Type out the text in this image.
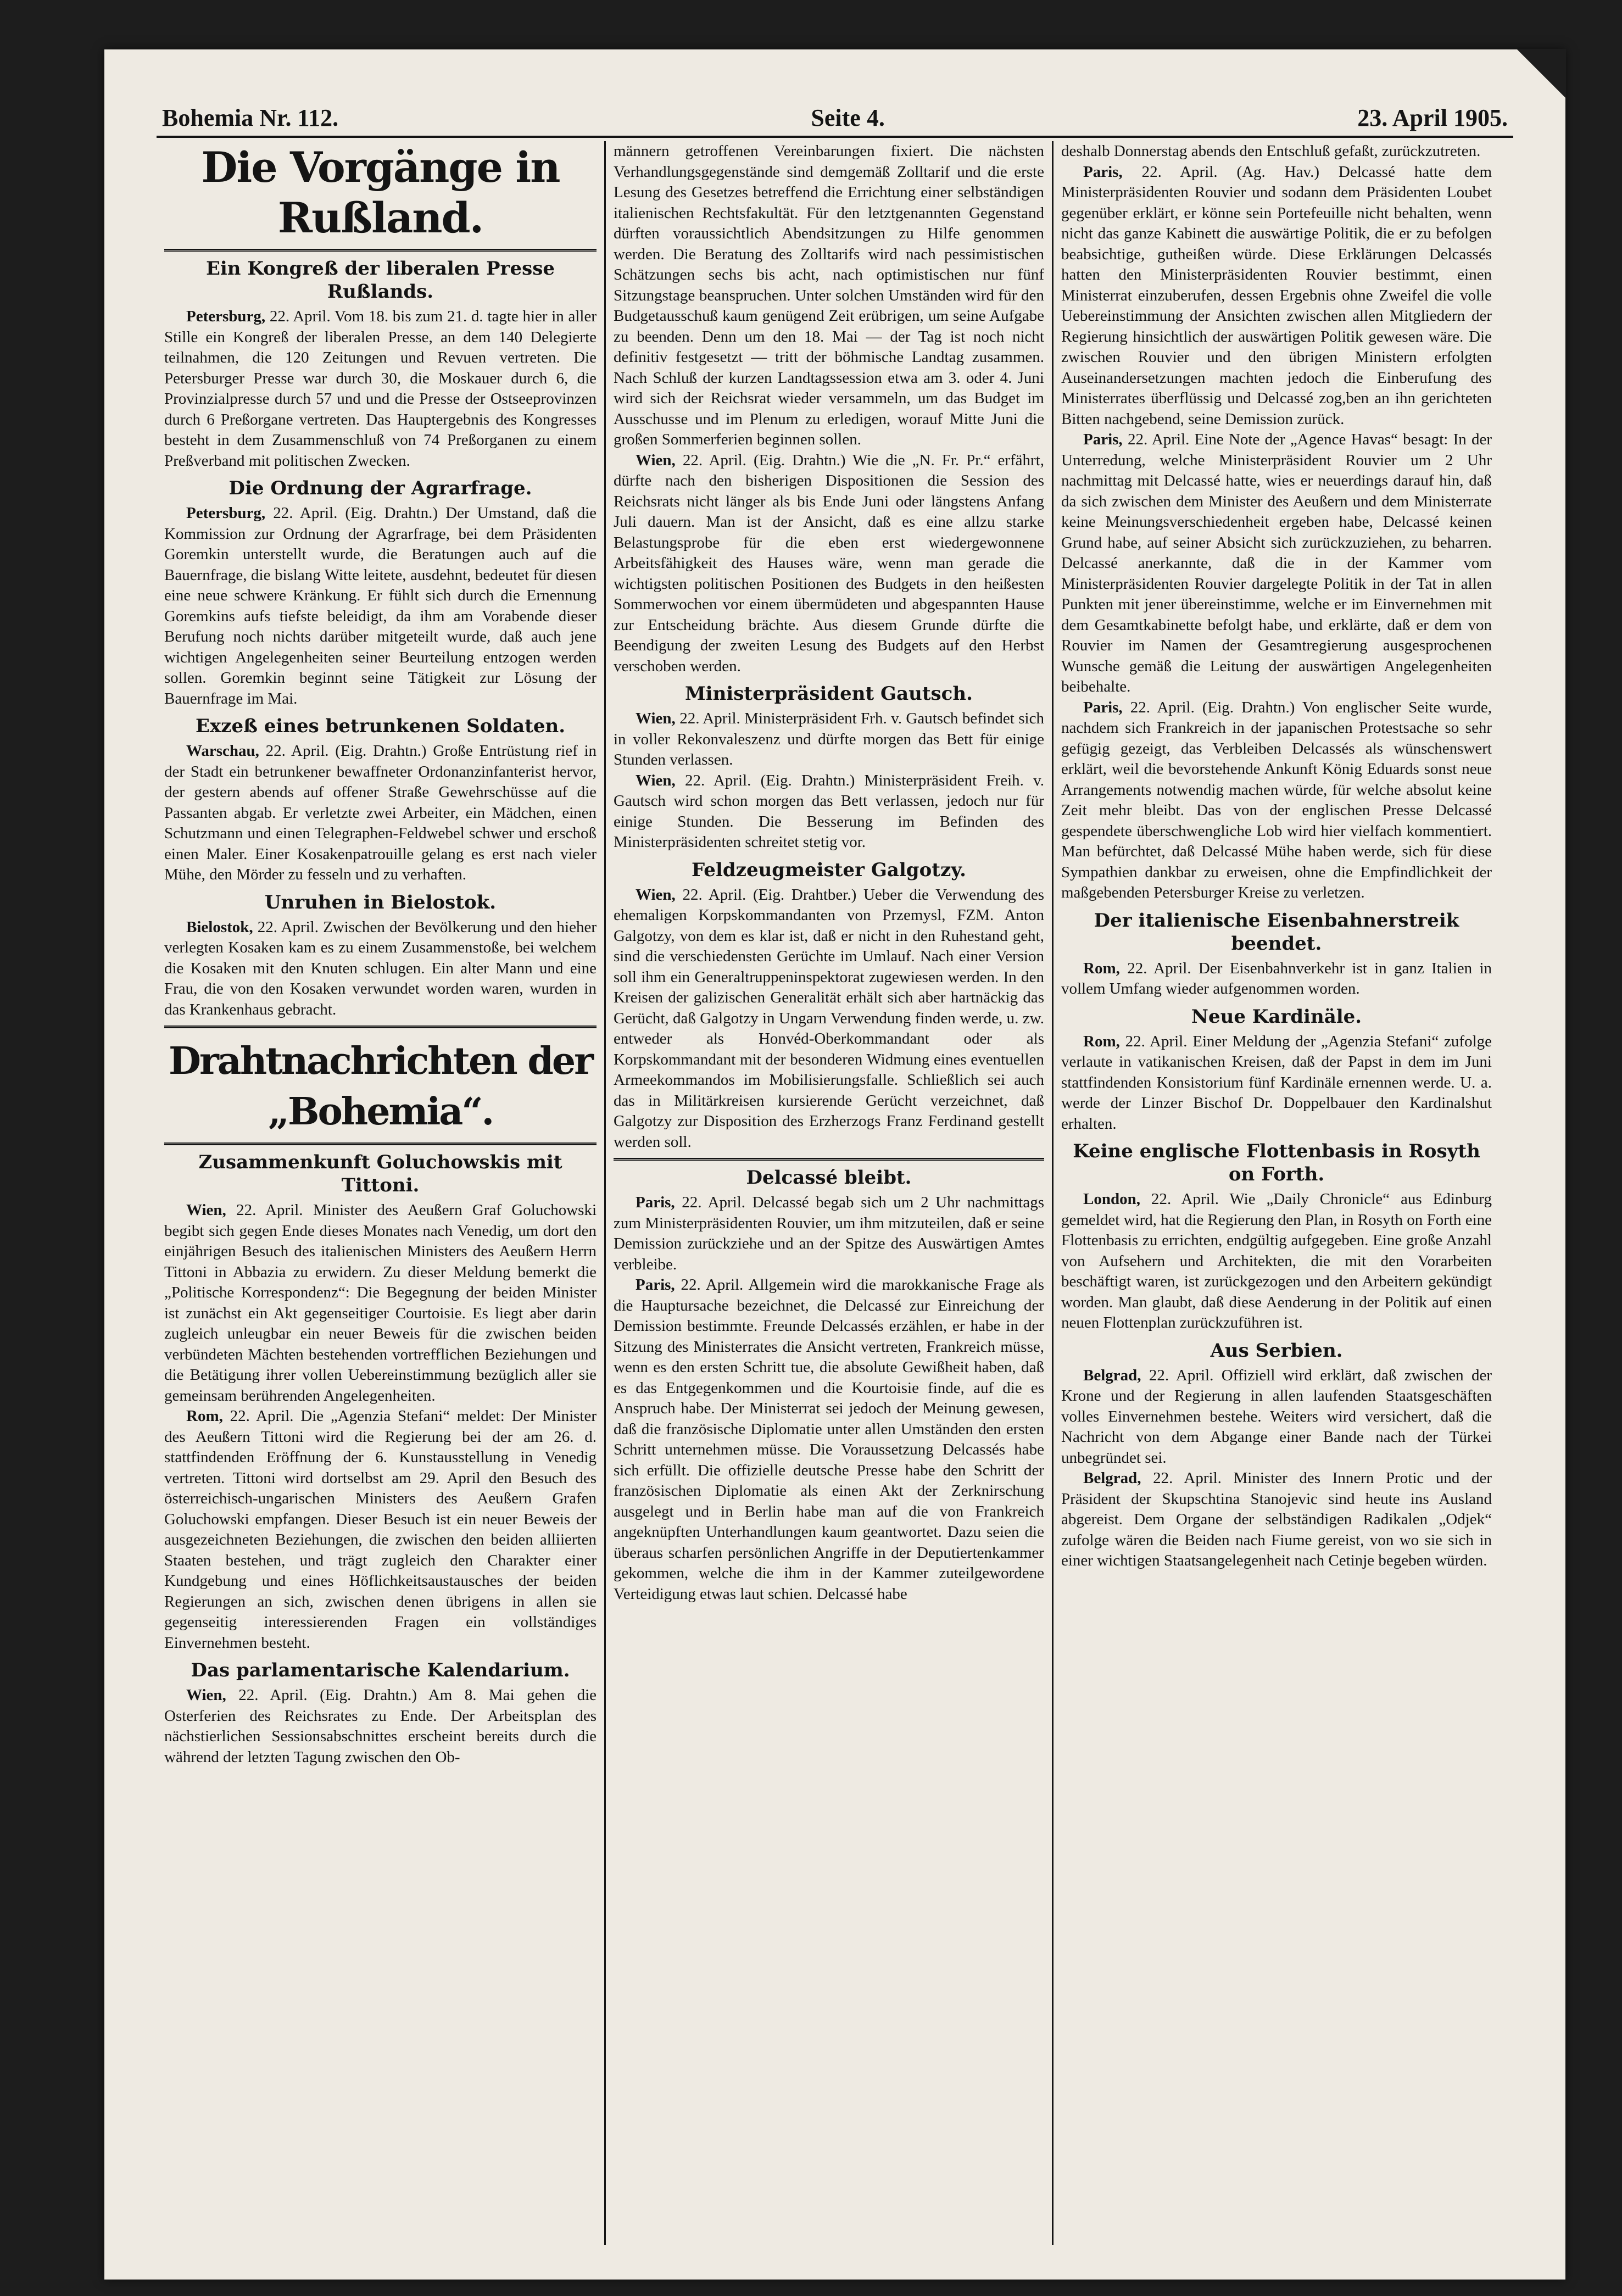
Bohemia Nr. 112.	Seite 4.	23. April 1905.
Die Vorgänge in Rußland.
Ein Kongreß der liberalen Presse Rußlands.

Petersburg, 22. April. Vom 18. bis zum 21. d. tagte hier in aller Stille ein Kongreß der liberalen Presse, an dem 140 Delegierte teilnahmen, die 120 Zeitungen und Revuen vertreten. Die Petersburger Presse war durch 30, die Moskauer durch 6, die Provinzialpresse durch 57 und und die Presse der Ostseeprovinzen durch 6 Preßorgane vertreten. Das Hauptergebnis des Kongresses besteht in dem Zusammenschluß von 74 Preßorganen zu einem Preßverband mit politischen Zwecken.

Die Ordnung der Agrarfrage.

Petersburg, 22. April. (Eig. Drahtn.) Der Umstand, daß die Kommission zur Ordnung der Agrarfrage, bei dem Präsidenten Goremkin unterstellt wurde, die Beratungen auch auf die Bauernfrage, die bislang Witte leitete, ausdehnt, bedeutet für diesen eine neue schwere Kränkung. Er fühlt sich durch die Ernennung Goremkins aufs tiefste beleidigt, da ihm am Vorabende dieser Berufung noch nichts darüber mitgeteilt wurde, daß auch jene wichtigen Angelegenheiten seiner Beurteilung entzogen werden sollen. Goremkin beginnt seine Tätigkeit zur Lösung der Bauernfrage im Mai.

Exzeß eines betrunkenen Soldaten.

Warschau, 22. April. (Eig. Drahtn.) Große Entrüstung rief in der Stadt ein betrunkener bewaffneter Ordonanzinfanterist hervor, der gestern abends auf offener Straße Gewehrschüsse auf die Passanten abgab. Er verletzte zwei Arbeiter, ein Mädchen, einen Schutzmann und einen Telegraphen-Feldwebel schwer und erschoß einen Maler. Einer Kosakenpatrouille gelang es erst nach vieler Mühe, den Mörder zu fesseln und zu verhaften.

Unruhen in Bielostok.

Bielostok, 22. April. Zwischen der Bevölkerung und den hieher verlegten Kosaken kam es zu einem Zusammenstoße, bei welchem die Kosaken mit den Knuten schlugen. Ein alter Mann und eine Frau, die von den Kosaken verwundet worden waren, wurden in das Krankenhaus gebracht.

Drahtnachrichten der „Bohemia“.
Zusammenkunft Goluchowskis mit Tittoni.

Wien, 22. April. Minister des Aeußern Graf Goluchowski begibt sich gegen Ende dieses Monates nach Venedig, um dort den einjährigen Besuch des italienischen Ministers des Aeußern Herrn Tittoni in Abbazia zu erwidern. Zu dieser Meldung bemerkt die „Politische Korrespondenz“: Die Begegnung der beiden Minister ist zunächst ein Akt gegenseitiger Courtoisie. Es liegt aber darin zugleich unleugbar ein neuer Beweis für die zwischen beiden verbündeten Mächten bestehenden vortrefflichen Beziehungen und die Betätigung ihrer vollen Uebereinstimmung bezüglich aller sie gemeinsam berührenden Angelegenheiten.

Rom, 22. April. Die „Agenzia Stefani“ meldet: Der Minister des Aeußern Tittoni wird die Regierung bei der am 26. d. stattfindenden Eröffnung der 6. Kunstausstellung in Venedig vertreten. Tittoni wird dortselbst am 29. April den Besuch des österreichisch-ungarischen Ministers des Aeußern Grafen Goluchowski empfangen. Dieser Besuch ist ein neuer Beweis der ausgezeichneten Beziehungen, die zwischen den beiden alliierten Staaten bestehen, und trägt zugleich den Charakter einer Kundgebung und eines Höflichkeitsaustausches der beiden Regierungen an sich, zwischen denen übrigens in allen sie gegenseitig interessierenden Fragen ein vollständiges Einvernehmen besteht.

Das parlamentarische Kalendarium.

Wien, 22. April. (Eig. Drahtn.) Am 8. Mai gehen die Osterferien des Reichsrates zu Ende. Der Arbeitsplan des nächstierlichen Sessionsabschnittes erscheint bereits durch die während der letzten Tagung zwischen den Ob-

männern getroffenen Vereinbarungen fixiert. Die nächsten Verhandlungsgegenstände sind demgemäß Zolltarif und die erste Lesung des Gesetzes betreffend die Errichtung einer selbständigen italienischen Rechtsfakultät. Für den letztgenannten Gegenstand dürften voraussichtlich Abendsitzungen zu Hilfe genommen werden. Die Beratung des Zolltarifs wird nach pessimistischen Schätzungen sechs bis acht, nach optimistischen nur fünf Sitzungstage beanspruchen. Unter solchen Umständen wird für den Budgetausschuß kaum genügend Zeit erübrigen, um seine Aufgabe zu beenden. Denn um den 18. Mai — der Tag ist noch nicht definitiv festgesetzt — tritt der böhmische Landtag zusammen. Nach Schluß der kurzen Landtagssession etwa am 3. oder 4. Juni wird sich der Reichsrat wieder versammeln, um das Budget im Ausschusse und im Plenum zu erledigen, worauf Mitte Juni die großen Sommerferien beginnen sollen.

Wien, 22. April. (Eig. Drahtn.) Wie die „N. Fr. Pr.“ erfährt, dürfte nach den bisherigen Dispositionen die Session des Reichsrats nicht länger als bis Ende Juni oder längstens Anfang Juli dauern. Man ist der Ansicht, daß es eine allzu starke Belastungsprobe für die eben erst wiedergewonnene Arbeitsfähigkeit des Hauses wäre, wenn man gerade die wichtigsten politischen Positionen des Budgets in den heißesten Sommerwochen vor einem übermüdeten und abgespannten Hause zur Entscheidung brächte. Aus diesem Grunde dürfte die Beendigung der zweiten Lesung des Budgets auf den Herbst verschoben werden.

Ministerpräsident Gautsch.

Wien, 22. April. Ministerpräsident Frh. v. Gautsch befindet sich in voller Rekonvaleszenz und dürfte morgen das Bett für einige Stunden verlassen.

Wien, 22. April. (Eig. Drahtn.) Ministerpräsident Freih. v. Gautsch wird schon morgen das Bett verlassen, jedoch nur für einige Stunden. Die Besserung im Befinden des Ministerpräsidenten schreitet stetig vor.

Feldzeugmeister Galgotzy.

Wien, 22. April. (Eig. Drahtber.) Ueber die Verwendung des ehemaligen Korpskommandanten von Przemysl, FZM. Anton Galgotzy, von dem es klar ist, daß er nicht in den Ruhestand geht, sind die verschiedensten Gerüchte im Umlauf. Nach einer Version soll ihm ein Generaltruppeninspektorat zugewiesen werden. In den Kreisen der galizischen Generalität erhält sich aber hartnäckig das Gerücht, daß Galgotzy in Ungarn Verwendung finden werde, u. zw. entweder als Honvéd-Oberkommandant oder als Korpskommandant mit der besonderen Widmung eines eventuellen Armeekommandos im Mobilisierungsfalle. Schließlich sei auch das in Militärkreisen kursierende Gerücht verzeichnet, daß Galgotzy zur Disposition des Erzherzogs Franz Ferdinand gestellt werden soll.

Delcassé bleibt.

Paris, 22. April. Delcassé begab sich um 2 Uhr nachmittags zum Ministerpräsidenten Rouvier, um ihm mitzuteilen, daß er seine Demission zurückziehe und an der Spitze des Auswärtigen Amtes verbleibe.

Paris, 22. April. Allgemein wird die marokkanische Frage als die Hauptursache bezeichnet, die Delcassé zur Einreichung der Demission bestimmte. Freunde Delcassés erzählen, er habe in der Sitzung des Ministerrates die Ansicht vertreten, Frankreich müsse, wenn es den ersten Schritt tue, die absolute Gewißheit haben, daß es das Entgegenkommen und die Kourtoisie finde, auf die es Anspruch habe. Der Ministerrat sei jedoch der Meinung gewesen, daß die französische Diplomatie unter allen Umständen den ersten Schritt unternehmen müsse. Die Voraussetzung Delcassés habe sich erfüllt. Die offizielle deutsche Presse habe den Schritt der französischen Diplomatie als einen Akt der Zerknirschung ausgelegt und in Berlin habe man auf die von Frankreich angeknüpften Unterhandlungen kaum geantwortet. Dazu seien die überaus scharfen persönlichen Angriffe in der Deputiertenkammer gekommen, welche die ihm in der Kammer zuteilgewordene Verteidigung etwas laut schien. Delcassé habe

deshalb Donnerstag abends den Entschluß gefaßt, zurückzutreten.

Paris, 22. April. (Ag. Hav.) Delcassé hatte dem Ministerpräsidenten Rouvier und sodann dem Präsidenten Loubet gegenüber erklärt, er könne sein Portefeuille nicht behalten, wenn nicht das ganze Kabinett die auswärtige Politik, die er zu befolgen beabsichtige, gutheißen würde. Diese Erklärungen Delcassés hatten den Ministerpräsidenten Rouvier bestimmt, einen Ministerrat einzuberufen, dessen Ergebnis ohne Zweifel die volle Uebereinstimmung der Ansichten zwischen allen Mitgliedern der Regierung hinsichtlich der auswärtigen Politik gewesen wäre. Die zwischen Rouvier und den übrigen Ministern erfolgten Auseinandersetzungen machten jedoch die Einberufung des Ministerrates überflüssig und Delcassé zog,ben an ihn gerichteten Bitten nachgebend, seine Demission zurück.

Paris, 22. April. Eine Note der „Agence Havas“ besagt: In der Unterredung, welche Ministerpräsident Rouvier um 2 Uhr nachmittag mit Delcassé hatte, wies er neuerdings darauf hin, daß da sich zwischen dem Minister des Aeußern und dem Ministerrate keine Meinungsverschiedenheit ergeben habe, Delcassé keinen Grund habe, auf seiner Absicht sich zurückzuziehen, zu beharren. Delcassé anerkannte, daß die in der Kammer vom Ministerpräsidenten Rouvier dargelegte Politik in der Tat in allen Punkten mit jener übereinstimme, welche er im Einvernehmen mit dem Gesamtkabinette befolgt habe, und erklärte, daß er dem von Rouvier im Namen der Gesamtregierung ausgesprochenen Wunsche gemäß die Leitung der auswärtigen Angelegenheiten beibehalte.

Paris, 22. April. (Eig. Drahtn.) Von englischer Seite wurde, nachdem sich Frankreich in der japanischen Protestsache so sehr gefügig gezeigt, das Verbleiben Delcassés als wünschenswert erklärt, weil die bevorstehende Ankunft König Eduards sonst neue Arrangements notwendig machen würde, für welche absolut keine Zeit mehr bleibt. Das von der englischen Presse Delcassé gespendete überschwengliche Lob wird hier vielfach kommentiert. Man befürchtet, daß Delcassé Mühe haben werde, sich für diese Sympathien dankbar zu erweisen, ohne die Empfindlichkeit der maßgebenden Petersburger Kreise zu verletzen.

Der italienische Eisenbahnerstreik beendet.

Rom, 22. April. Der Eisenbahnverkehr ist in ganz Italien in vollem Umfang wieder aufgenommen worden.

Neue Kardinäle.

Rom, 22. April. Einer Meldung der „Agenzia Stefani“ zufolge verlaute in vatikanischen Kreisen, daß der Papst in dem im Juni stattfindenden Konsistorium fünf Kardinäle ernennen werde. U. a. werde der Linzer Bischof Dr. Doppelbauer den Kardinalshut erhalten.

Keine englische Flottenbasis in Rosyth on Forth.

London, 22. April. Wie „Daily Chronicle“ aus Edinburg gemeldet wird, hat die Regierung den Plan, in Rosyth on Forth eine Flottenbasis zu errichten, endgültig aufgegeben. Eine große Anzahl von Aufsehern und Architekten, die mit den Vorarbeiten beschäftigt waren, ist zurückgezogen und den Arbeitern gekündigt worden. Man glaubt, daß diese Aenderung in der Politik auf einen neuen Flottenplan zurückzuführen ist.

Aus Serbien.

Belgrad, 22. April. Offiziell wird erklärt, daß zwischen der Krone und der Regierung in allen laufenden Staatsgeschäften volles Einvernehmen bestehe. Weiters wird versichert, daß die Nachricht von dem Abgange einer Bande nach der Türkei unbegründet sei.

Belgrad, 22. April. Minister des Innern Protic und der Präsident der Skupschtina Stanojevic sind heute ins Ausland abgereist. Dem Organe der selbständigen Radikalen „Odjek“ zufolge wären die Beiden nach Fiume gereist, von wo sie sich in einer wichtigen Staatsangelegenheit nach Cetinje begeben würden.
